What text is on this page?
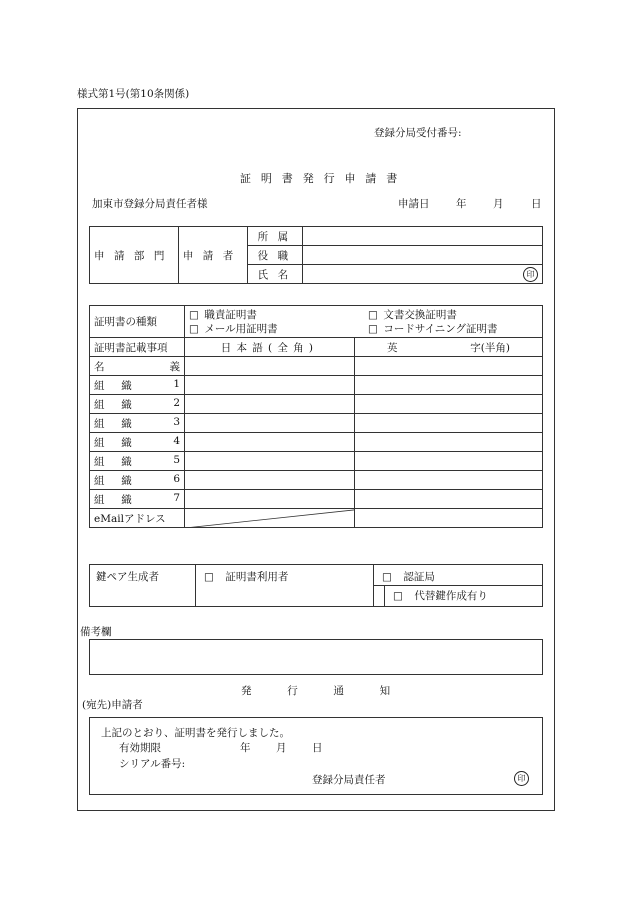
様式第1号(第10条関係)
登録分局受付番号:
証明書発行申請書
加東市登録分局責任者様	申請日	年	月	日
申請部門	申請者	所属	
		役職	
		氏名	印
証明書の種類	□ 職責証明書 □ 文書交換証明書
□ メール用証明書 □ コードサイニング証明書	

証明書記載事項	日本語(全角)	英 字(半角)

名 義		

組織 1		

組織 2		

組織 3		

組織 4		

組織 5		

組織 6		

組織 7		

eMailアドレス	

鍵ペア生成者	□ 証明書利用者	□ 認証局
□ 代替鍵作成有り
備考欄
発行通知
(宛先)申請者
上記のとおり、証明書を発行しました。
有効期限	年 月 日
シリアル番号:
登録分局責任者	印
